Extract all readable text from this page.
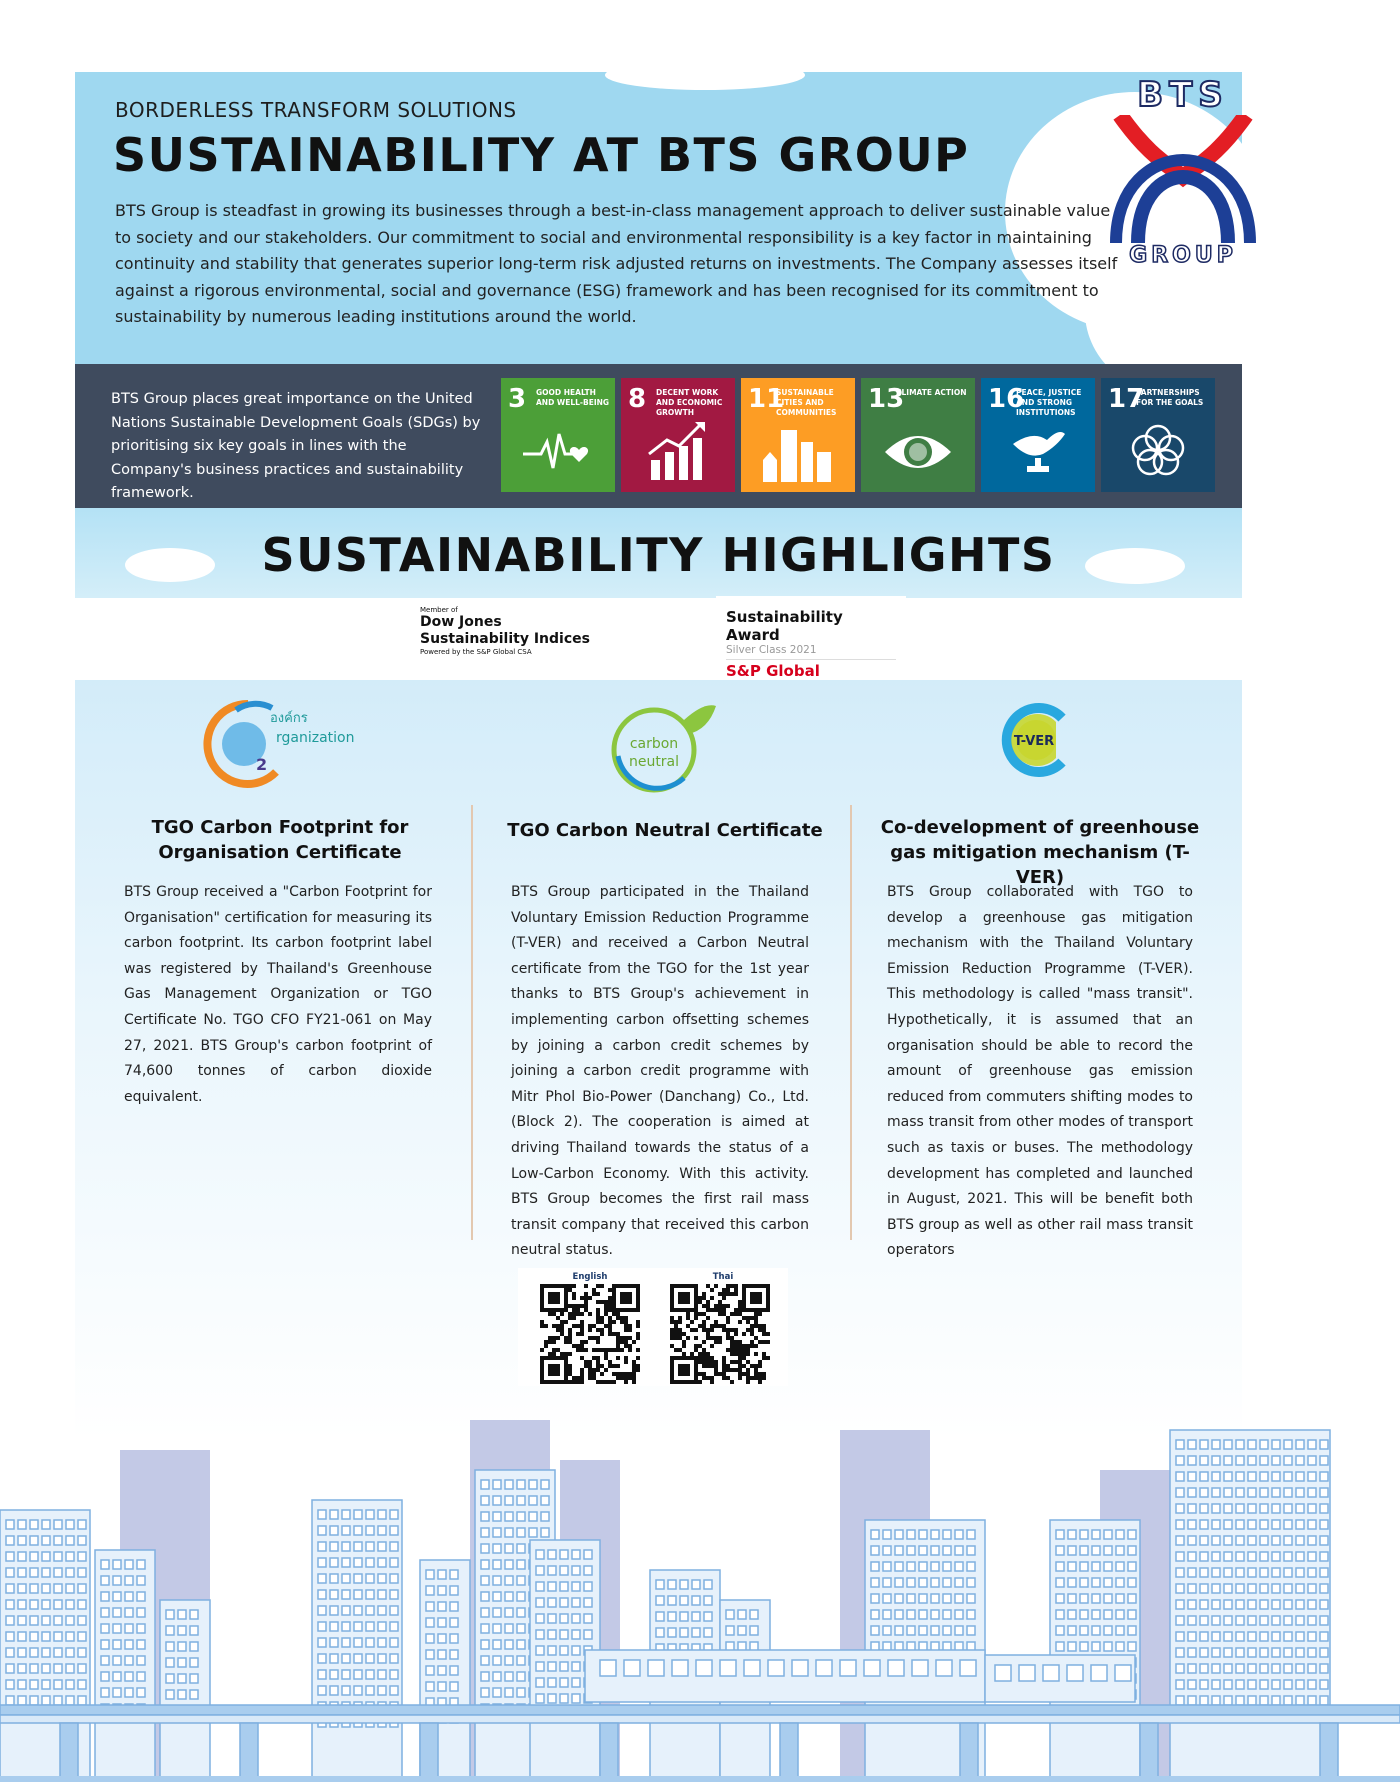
BORDERLESS TRANSFORM SOLUTIONS
SUSTAINABILITY AT BTS GROUP
BTS Group is steadfast in growing its businesses through a best-in-class management approach to deliver sustainable value to society and our stakeholders. Our commitment to social and environmental responsibility is a key factor in maintaining continuity and stability that generates superior long-term risk adjusted returns on investments. The Company assesses itself against a rigorous environmental, social and governance (ESG) framework and has been recognised for its commitment to sustainability by numerous leading institutions around the world.
BTS
GROUP
BTS Group places great importance on the United Nations Sustainable Development Goals (SDGs) by prioritising six key goals in lines with the Company's business practices and sustainability framework.
3 GOOD HEALTH AND WELL-BEING 8 DECENT WORK AND ECONOMIC GROWTH	11
SUSTAINABLE CITIES AND COMMUNITIES	13
CLIMATE ACTION 16
PEACE, JUSTICE AND STRONG INSTITUTIONS	17
PARTNERSHIPS FOR THE GOALS
SUSTAINABILITY HIGHLIGHTS
Member of
Dow Jones
Sustainability Indices
Powered by the S&P Global CSA
Sustainability Award
Silver Class 2021
S&P Global
2
องค์กร
rganization
TGO Carbon Footprint for Organisation Certificate
BTS Group received a "Carbon Footprint for Organisation" certification for measuring its carbon footprint. Its carbon footprint label was registered by Thailand's Greenhouse Gas Management Organization or TGO Certificate No. TGO CFO FY21-061 on May 27, 2021. BTS Group's carbon footprint of 74,600 tonnes of carbon dioxide equivalent.
carbon
neutral
TGO Carbon Neutral Certificate
BTS Group participated in the Thailand Voluntary Emission Reduction Programme (T-VER) and received a Carbon Neutral certificate from the TGO for the 1st year thanks to BTS Group's achievement in implementing carbon offsetting schemes by joining a carbon credit schemes by joining a carbon credit programme with Mitr Phol Bio-Power (Danchang) Co., Ltd. (Block 2). The cooperation is aimed at driving Thailand towards the status of a Low-Carbon Economy. With this activity. BTS Group becomes the first rail mass transit company that received this carbon neutral status.
T-VER
Co-development of greenhouse gas mitigation mechanism (T-VER)
BTS Group collaborated with TGO to develop a greenhouse gas mitigation mechanism with the Thailand Voluntary Emission Reduction Programme (T-VER). This methodology is called "mass transit". Hypothetically, it is assumed that an organisation should be able to record the amount of greenhouse gas emission reduced from commuters shifting modes to mass transit from other modes of transport such as taxis or buses. The methodology development has completed and launched in August, 2021. This will be benefit both BTS group as well as other rail mass transit operators
English	Thai
